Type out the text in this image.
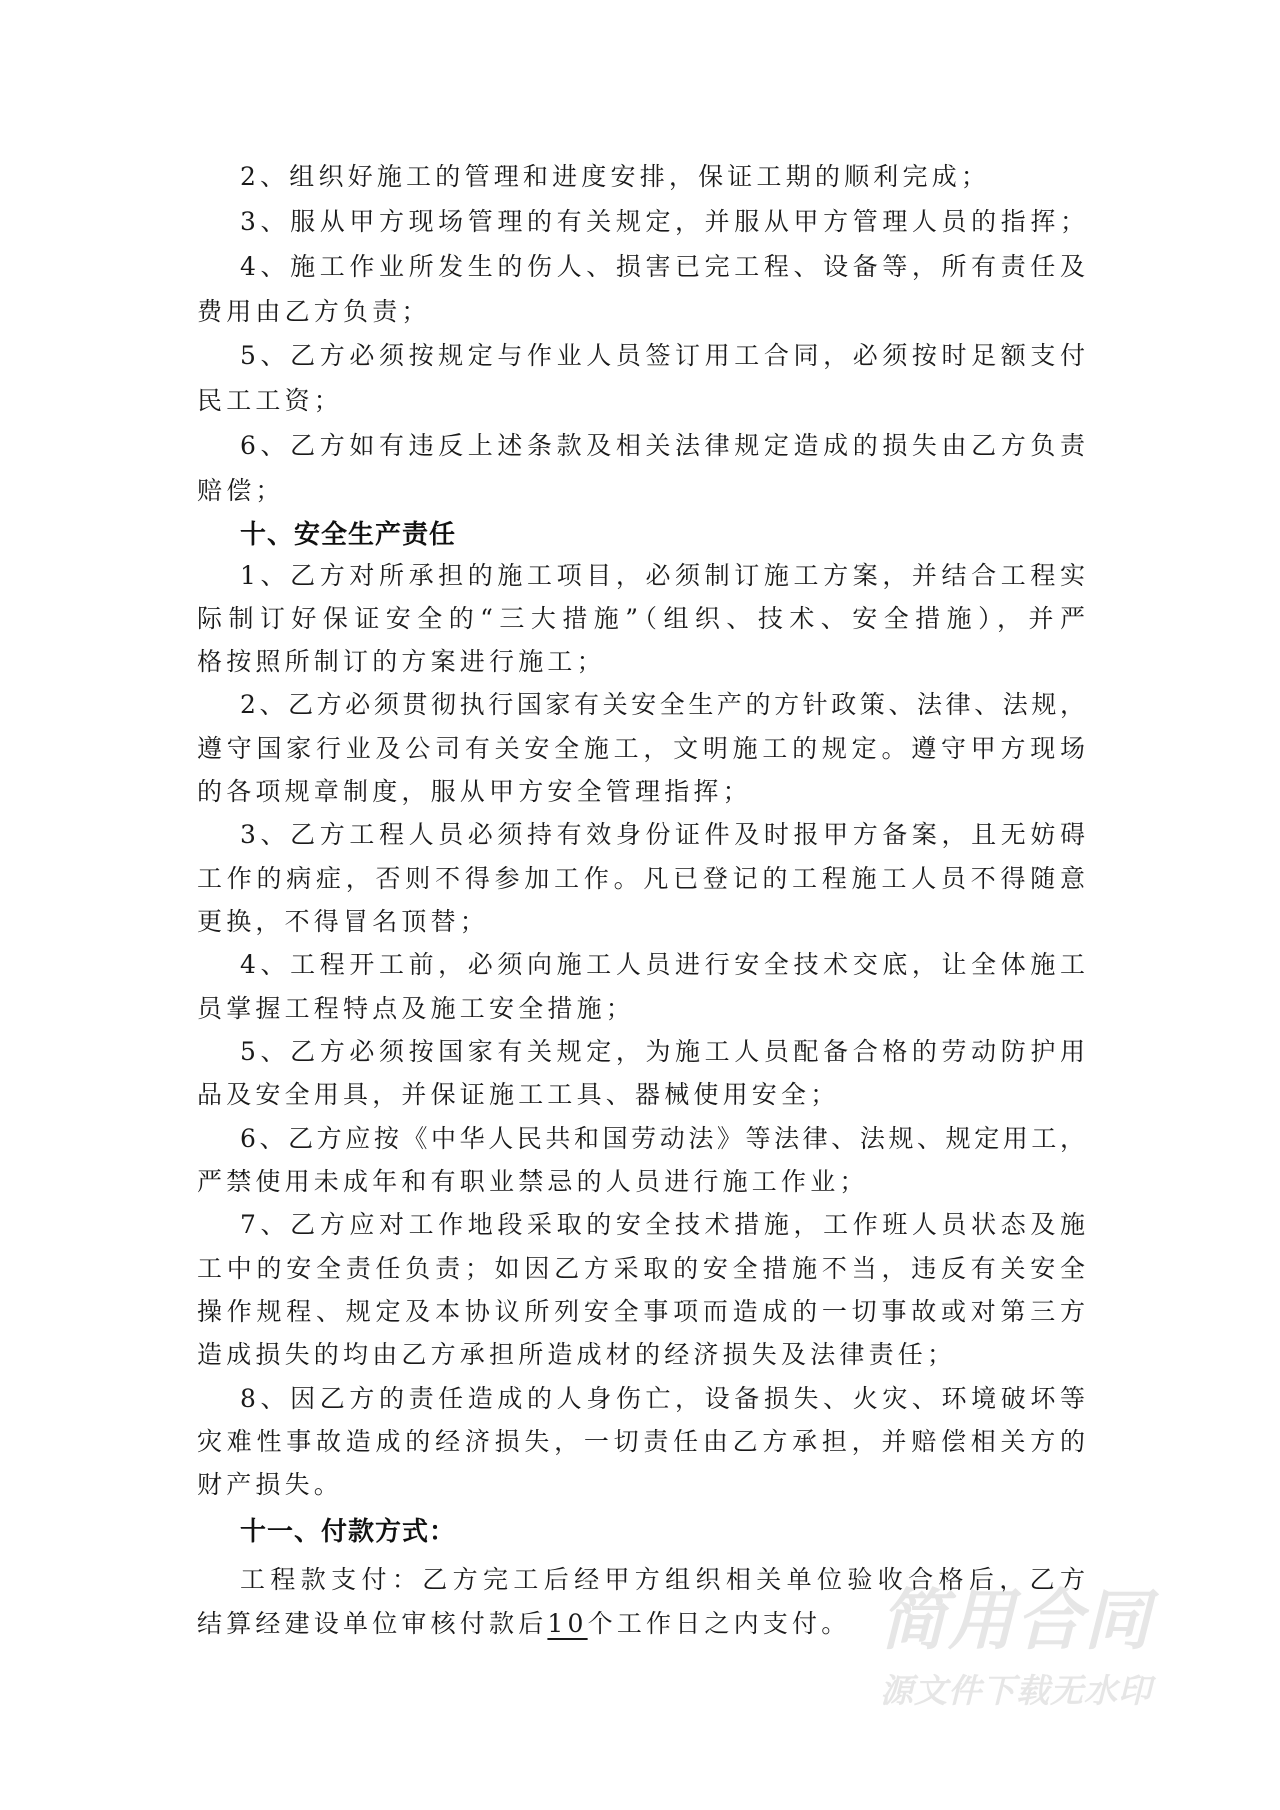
2、组织好施工的管理和进度安排，保证工期的顺利完成；
3、服从甲方现场管理的有关规定，并服从甲方管理人员的指挥；
4、施工作业所发生的伤人、损害已完工程、设备等，所有责任及
费用由乙方负责；
5、乙方必须按规定与作业人员签订用工合同，必须按时足额支付
民工工资；
6、乙方如有违反上述条款及相关法律规定造成的损失由乙方负责
赔偿；
十、安全生产责任
1、乙方对所承担的施工项目，必须制订施工方案，并结合工程实
际制订好保证安全的“三大措施”（组织、技术、安全措施），并严
格按照所制订的方案进行施工；
2、乙方必须贯彻执行国家有关安全生产的方针政策、法律、法规，
遵守国家行业及公司有关安全施工，文明施工的规定。遵守甲方现场
的各项规章制度，服从甲方安全管理指挥；
3、乙方工程人员必须持有效身份证件及时报甲方备案，且无妨碍
工作的病症，否则不得参加工作。凡已登记的工程施工人员不得随意
更换，不得冒名顶替；
4、工程开工前，必须向施工人员进行安全技术交底，让全体施工
员掌握工程特点及施工安全措施；
5、乙方必须按国家有关规定，为施工人员配备合格的劳动防护用
品及安全用具，并保证施工工具、器械使用安全；
6、乙方应按《中华人民共和国劳动法》等法律、法规、规定用工，
严禁使用未成年和有职业禁忌的人员进行施工作业；
7、乙方应对工作地段采取的安全技术措施，工作班人员状态及施
工中的安全责任负责；如因乙方采取的安全措施不当，违反有关安全
操作规程、规定及本协议所列安全事项而造成的一切事故或对第三方
造成损失的均由乙方承担所造成材的经济损失及法律责任；
8、因乙方的责任造成的人身伤亡，设备损失、火灾、环境破坏等
灾难性事故造成的经济损失，一切责任由乙方承担，并赔偿相关方的
财产损失。
十一、付款方式：
工程款支付：乙方完工后经甲方组织相关单位验收合格后，乙方
结算经建设单位审核付款后10个工作日之内支付。 简用合同
源文件下载无水印
